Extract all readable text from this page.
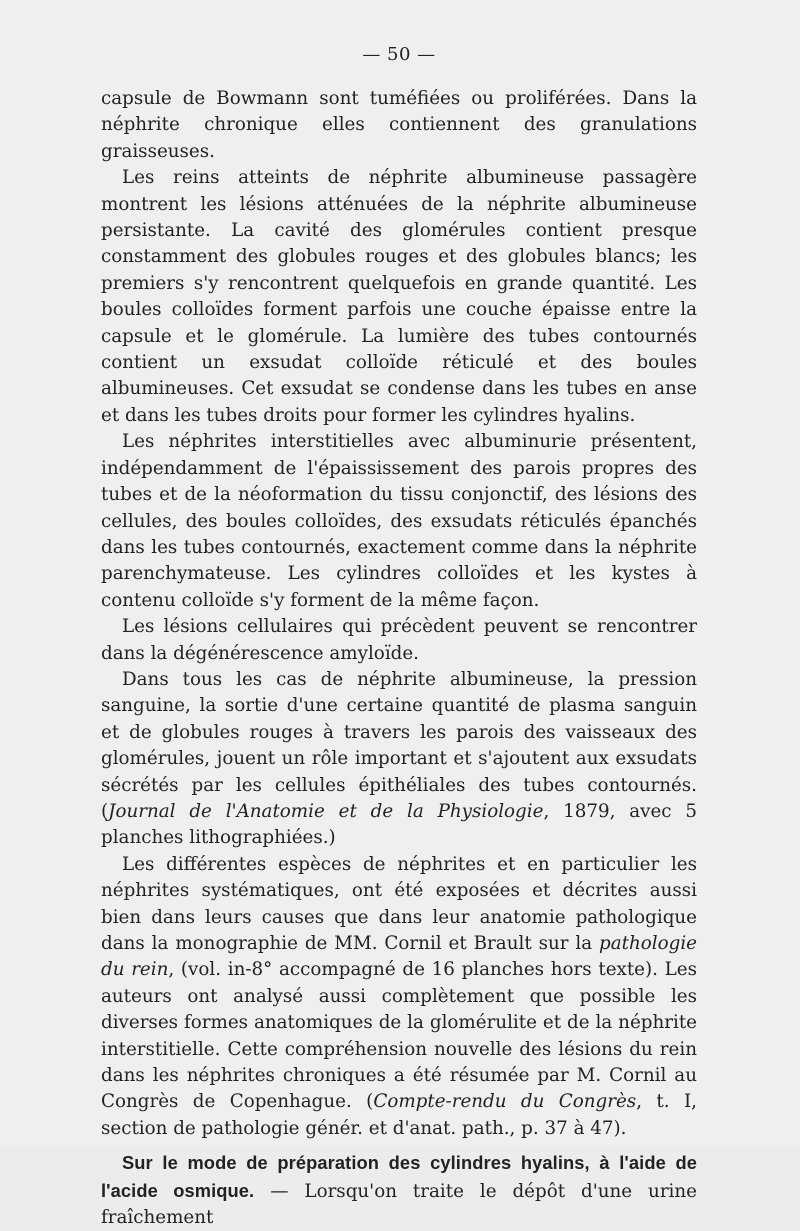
— 50 —

capsule de Bowmann sont tuméfiées ou proliférées. Dans la néphrite chronique elles contiennent des granulations graisseuses.

Les reins atteints de néphrite albumineuse passagère montrent les lésions atténuées de la néphrite albumineuse persistante. La cavité des glomérules contient presque constamment des globules rouges et des globules blancs; les premiers s'y rencontrent quelquefois en grande quantité. Les boules colloïdes forment parfois une couche épaisse entre la capsule et le glomérule. La lumière des tubes contournés contient un exsudat colloïde réticulé et des boules albumineuses. Cet exsudat se condense dans les tubes en anse et dans les tubes droits pour former les cylindres hyalins.

Les néphrites interstitielles avec albuminurie présentent, indépendamment de l'épaississement des parois propres des tubes et de la néoformation du tissu conjonctif, des lésions des cellules, des boules colloïdes, des exsudats réticulés épanchés dans les tubes contournés, exactement comme dans la néphrite parenchymateuse. Les cylindres colloïdes et les kystes à contenu colloïde s'y forment de la même façon.

Les lésions cellulaires qui précèdent peuvent se rencontrer dans la dégénérescence amyloïde.

Dans tous les cas de néphrite albumineuse, la pression sanguine, la sortie d'une certaine quantité de plasma sanguin et de globules rouges à travers les parois des vaisseaux des glomérules, jouent un rôle important et s'ajoutent aux exsudats sécrétés par les cellules épithéliales des tubes contournés. (Journal de l'Anatomie et de la Physiologie, 1879, avec 5 planches lithographiées.)

Les différentes espèces de néphrites et en particulier les néphrites systématiques, ont été exposées et décrites aussi bien dans leurs causes que dans leur anatomie pathologique dans la monographie de MM. Cornil et Brault sur la pathologie du rein, (vol. in-8° accompagné de 16 planches hors texte). Les auteurs ont analysé aussi complètement que possible les diverses formes anatomiques de la glomérulite et de la néphrite interstitielle. Cette compréhension nouvelle des lésions du rein dans les néphrites chroniques a été résumée par M. Cornil au Congrès de Copenhague. (Compte-rendu du Congrès, t. I, section de pathologie génér. et d'anat. path., p. 37 à 47).

Sur le mode de préparation des cylindres hyalins, à l'aide de l'acide osmique. — Lorsqu'on traite le dépôt d'une urine fraîchement
